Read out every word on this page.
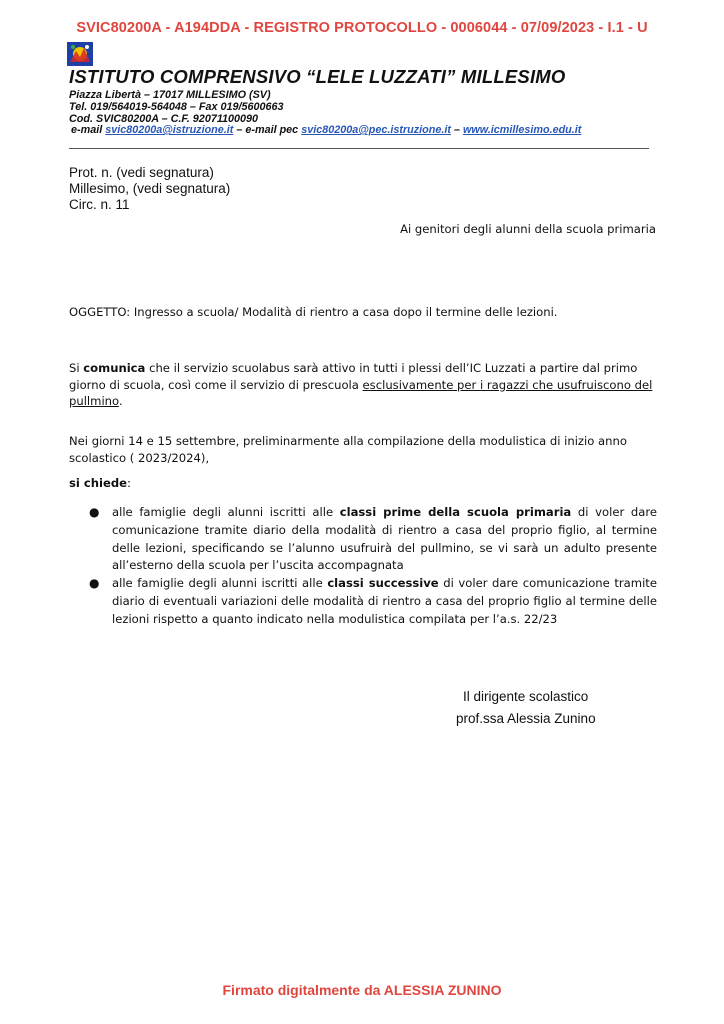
SVIC80200A - A194DDA - REGISTRO PROTOCOLLO - 0006044 - 07/09/2023 - I.1 - U
ISTITUTO COMPRENSIVO “LELE LUZZATI” MILLESIMO
Piazza Libertà – 17017 MILLESIMO (SV)
Tel. 019/564019-564048 – Fax 019/5600663
Cod. SVIC80200A – C.F. 92071100090
e-mail svic80200a@istruzione.it – e-mail pec svic80200a@pec.istruzione.it – www.icmillesimo.edu.it
Prot. n. (vedi segnatura)
Millesimo, (vedi segnatura)
Circ. n. 11
Ai genitori degli alunni della scuola primaria
OGGETTO: Ingresso a scuola/ Modalità di rientro a casa dopo il termine delle lezioni.
Si comunica che il servizio scuolabus sarà attivo in tutti i plessi dell’IC Luzzati a partire dal primo giorno di scuola, così come il servizio di prescuola esclusivamente per i ragazzi che usufruiscono del pullmino.
Nei giorni 14 e 15 settembre, preliminarmente alla compilazione della modulistica di inizio anno scolastico ( 2023/2024),
si chiede:
● alle famiglie degli alunni iscritti alle classi prime della scuola primaria di voler dare comunicazione tramite diario della modalità di rientro a casa del proprio figlio, al termine delle lezioni, specificando se l’alunno usufruirà del pullmino, se vi sarà un adulto presente all’esterno della scuola per l’uscita accompagnata
● alle famiglie degli alunni iscritti alle classi successive di voler dare comunicazione tramite diario di eventuali variazioni delle modalità di rientro a casa del proprio figlio al termine delle lezioni rispetto a quanto indicato nella modulistica compilata per l’a.s. 22/23
Il dirigente scolastico
prof.ssa Alessia Zunino
Firmato digitalmente da ALESSIA ZUNINO
